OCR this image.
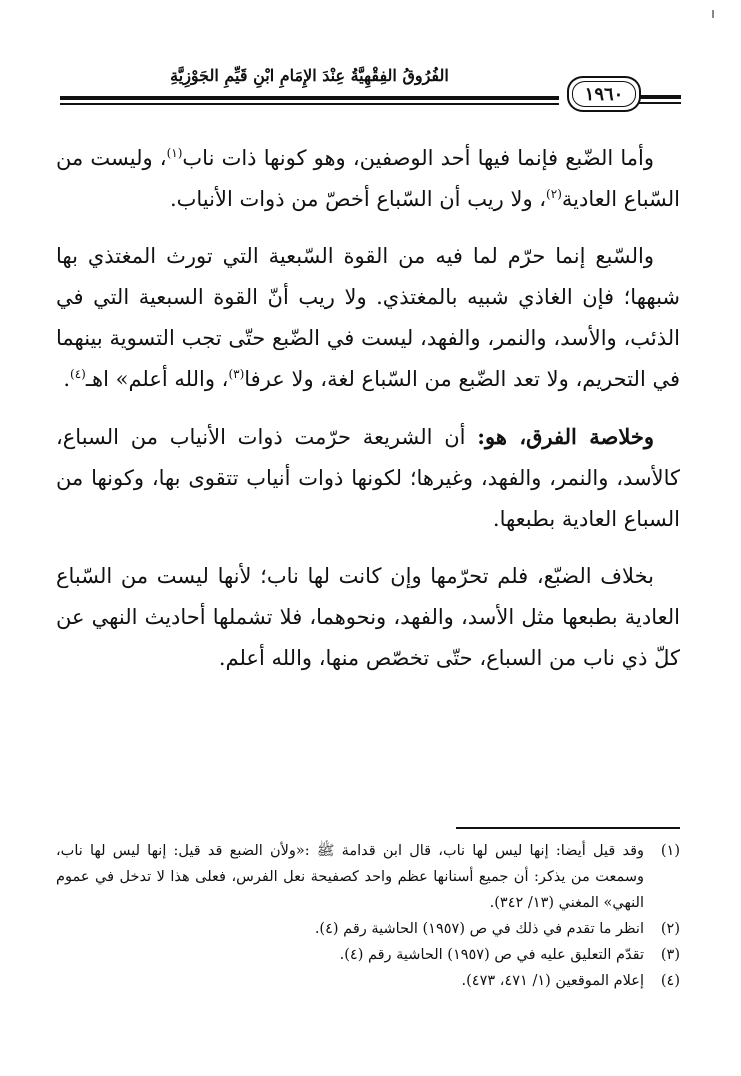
الفُرُوقُ الفِقْهِيَّةُ عِنْدَ الإِمَامِ ابْنِ قَيِّمِ الجَوْزِيَّةِ
١٩٦٠

وأما الضّبع فإنما فيها أحد الوصفين، وهو كونها ذات ناب$^{(١)}$، وليست من السّباع العادية$^{(٢)}$، ولا ريب أن السّباع أخصّ من ذوات الأنياب.

والسّبع إنما حرّم لما فيه من القوة السّبعية التي تورث المغتذي بها شبهها؛ فإن الغاذي شبيه بالمغتذي. ولا ريب أنّ القوة السبعية التي في الذئب، والأسد، والنمر، والفهد، ليست في الضّبع حتّى تجب التسوية بينهما في التحريم، ولا تعد الضّبع من السّباع لغة، ولا عرفا$^{(٣)}$، والله أعلم» اهـ$^{(٤)}$.

وخلاصة الفرق، هو: أن الشريعة حرّمت ذوات الأنياب من السباع، كالأسد، والنمر، والفهد، وغيرها؛ لكونها ذوات أنياب تتقوى بها، وكونها من السباع العادية بطبعها.

بخلاف الضبّع، فلم تحرّمها وإن كانت لها ناب؛ لأنها ليست من السّباع العادية بطبعها مثل الأسد، والفهد، ونحوهما، فلا تشملها أحاديث النهي عن كلّ ذي ناب من السباع، حتّى تخصّص منها، والله أعلم.

(١)
وقد قيل أيضا: إنها ليس لها ناب، قال ابن قدامة ﷺ :«ولأن الضبع قد قيل: إنها ليس لها ناب، وسمعت من يذكر: أن جميع أسنانها عظم واحد كصفيحة نعل الفرس، فعلى هذا لا تدخل في عموم النهي» المغني (١٣/ ٣٤٢).
(٢)
انظر ما تقدم في ذلك في ص (١٩٥٧) الحاشية رقم (٤).
(٣)
تقدّم التعليق عليه في ص (١٩٥٧) الحاشية رقم (٤).
(٤)
إعلام الموقعين (١/ ٤٧١، ٤٧٣).
